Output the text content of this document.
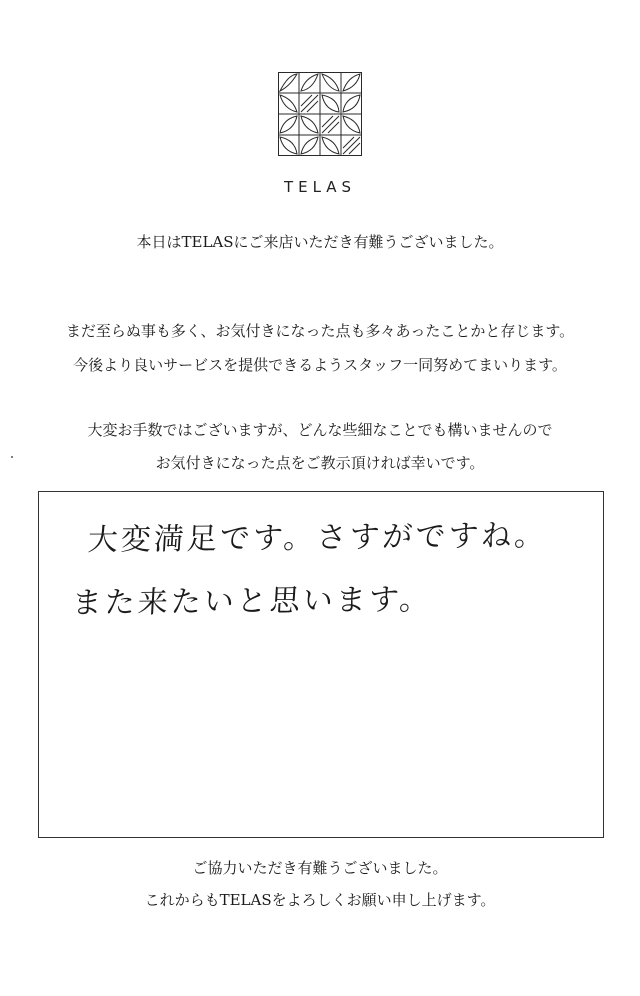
TELAS
本日はTELASにご来店いただき有難うございました。
まだ至らぬ事も多く、お気付きになった点も多々あったことかと存じます。
今後より良いサービスを提供できるようスタッフ一同努めてまいります。
大変お手数ではございますが、どんな些細なことでも構いませんので
お気付きになった点をご教示頂ければ幸いです。
大変満足です。さすがですね。
また来たいと思います。
ご協力いただき有難うございました。
これからもTELASをよろしくお願い申し上げます。
